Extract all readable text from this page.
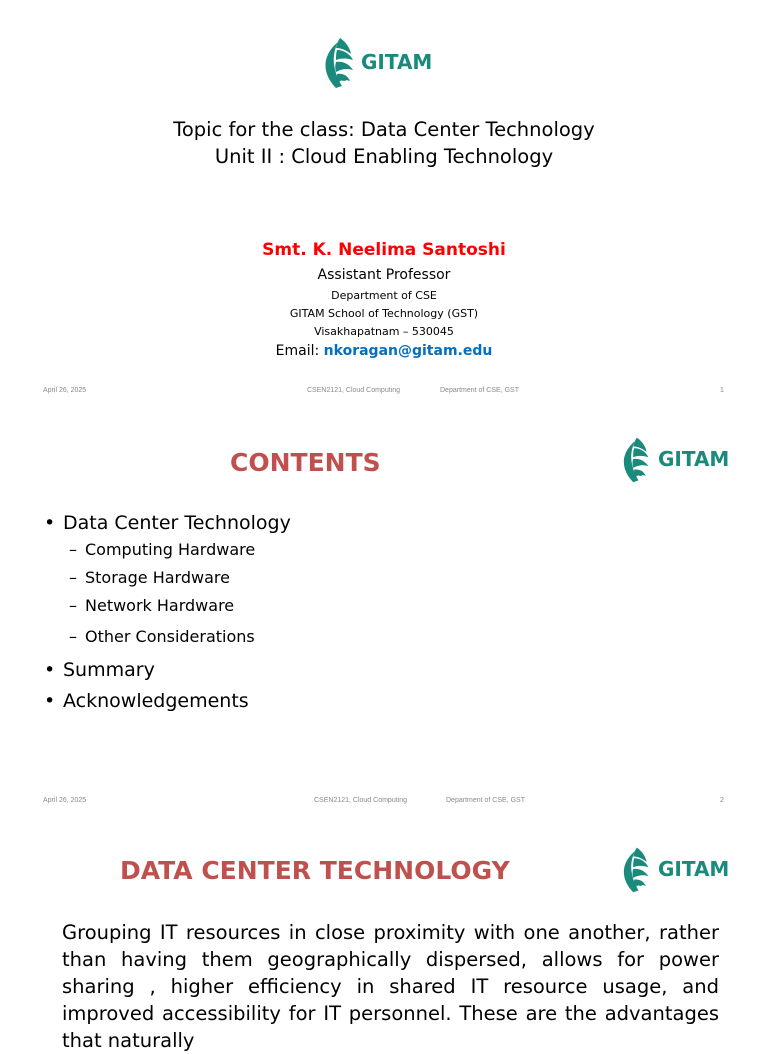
GITAM
Topic for the class: Data Center Technology
Unit II : Cloud Enabling Technology
Smt. K. Neelima Santoshi
Assistant Professor
Department of CSE
GITAM School of Technology (GST)
Visakhapatnam – 530045
Email: nkoragan@gitam.edu
April 26, 2025	CSEN2121, Cloud Computing	Department of CSE, GST	1
CONTENTS	GITAM
• Data Center Technology
– Computing Hardware
– Storage Hardware
– Network Hardware
– Other Considerations
• Summary
• Acknowledgements
April 26, 2025	CSEN2121, Cloud Computing	Department of CSE, GST	2
DATA CENTER TECHNOLOGY	GITAM
Grouping IT resources in close proximity with one another, rather than having them geographically dispersed, allows for power sharing , higher efficiency in shared IT resource usage, and improved accessibility for IT personnel. These are the advantages that naturally
